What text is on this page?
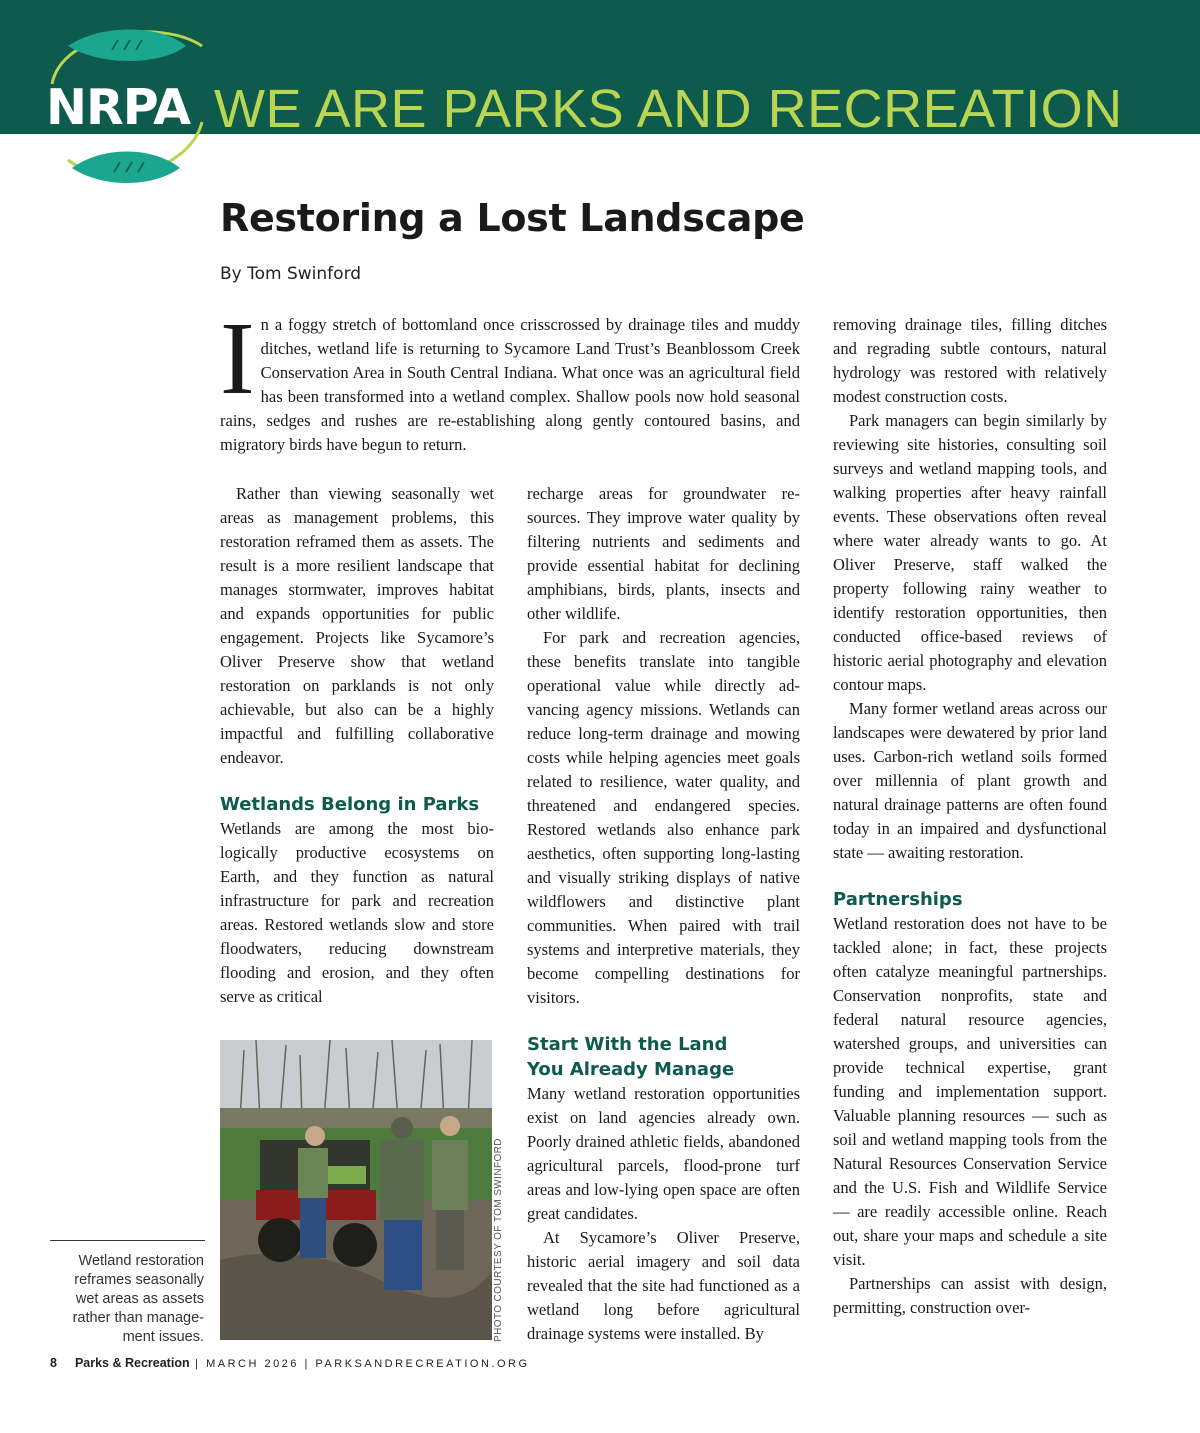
NRPA WE ARE PARKS AND RECREATION
Restoring a Lost Landscape
By Tom Swinford
In a foggy stretch of bottomland once crisscrossed by drainage tiles and muddy ditches, wetland life is returning to Sycamore Land Trust’s Beanblossom Creek Conservation Area in South Central Indiana. What once was an agricultural field has been transformed into a wetland complex. Shallow pools now hold seasonal rains, sedges and rushes are re-establishing along gently contoured basins, and migratory birds have begun to return.

Rather than viewing seasonally wet areas as management problems, this restoration reframed them as assets. The result is a more resilient landscape that manages stormwater, improves habitat and expands opportunities for public engagement. Projects like Sycamore’s Oliver Preserve show that wetland restoration on parklands is not only achievable, but also can be a highly impactful and fulfilling collaborative endeavor.

Wetlands Belong in Parks

Wetlands are among the most biologically productive ecosystems on Earth, and they function as natural infrastructure for park and recreation areas. Restored wetlands slow and store floodwaters, reducing downstream flooding and erosion, and they often serve as critical

recharge areas for groundwater resources. They improve water quality by filtering nutrients and sediments and provide essential habitat for declining amphibians, birds, plants, insects and other wildlife.

For park and recreation agencies, these benefits translate into tangible operational value while directly advancing agency missions. Wetlands can reduce long-term drainage and mowing costs while helping agencies meet goals related to resilience, water quality, and threatened and endangered species. Restored wetlands also enhance park aesthetics, often supporting long-lasting and visually striking displays of native wildflowers and distinctive plant communities. When paired with trail systems and interpretive materials, they become compelling destinations for visitors.

Start With the Land
You Already Manage

Many wetland restoration opportunities exist on land agencies already own. Poorly drained athletic fields, abandoned agricultural parcels, flood-prone turf areas and low-lying open space are often great candidates.

At Sycamore’s Oliver Preserve, historic aerial imagery and soil data revealed that the site had functioned as a wetland long before agricultural drainage systems were installed. By

removing drainage tiles, filling ditches and regrading subtle contours, natural hydrology was restored with relatively modest construction costs.

Park managers can begin similarly by reviewing site histories, consulting soil surveys and wetland mapping tools, and walking properties after heavy rainfall events. These observations often reveal where water already wants to go. At Oliver Preserve, staff walked the property following rainy weather to identify restoration opportunities, then conducted office-based reviews of historic aerial photography and elevation contour maps.

Many former wetland areas across our landscapes were dewatered by prior land uses. Carbon-rich wetland soils formed over millennia of plant growth and natural drainage patterns are often found today in an impaired and dysfunctional state — awaiting restoration.

Partnerships

Wetland restoration does not have to be tackled alone; in fact, these projects often catalyze meaningful partnerships. Conservation nonprofits, state and federal natural resource agencies, watershed groups, and universities can provide technical expertise, grant funding and implementation support. Valuable planning resources — such as soil and wetland mapping tools from the Natural Resources Conservation Service and the U.S. Fish and Wildlife Service — are readily accessible online. Reach out, share your maps and schedule a site visit.

Partnerships can assist with design, permitting, construction over-

PHOTO COURTESY OF TOM SWINFORD
Wetland restoration reframes seasonally wet areas as assets rather than management issues.
8 Parks & Recreation | MARCH 2026 | PARKSANDRECREATION.ORG
